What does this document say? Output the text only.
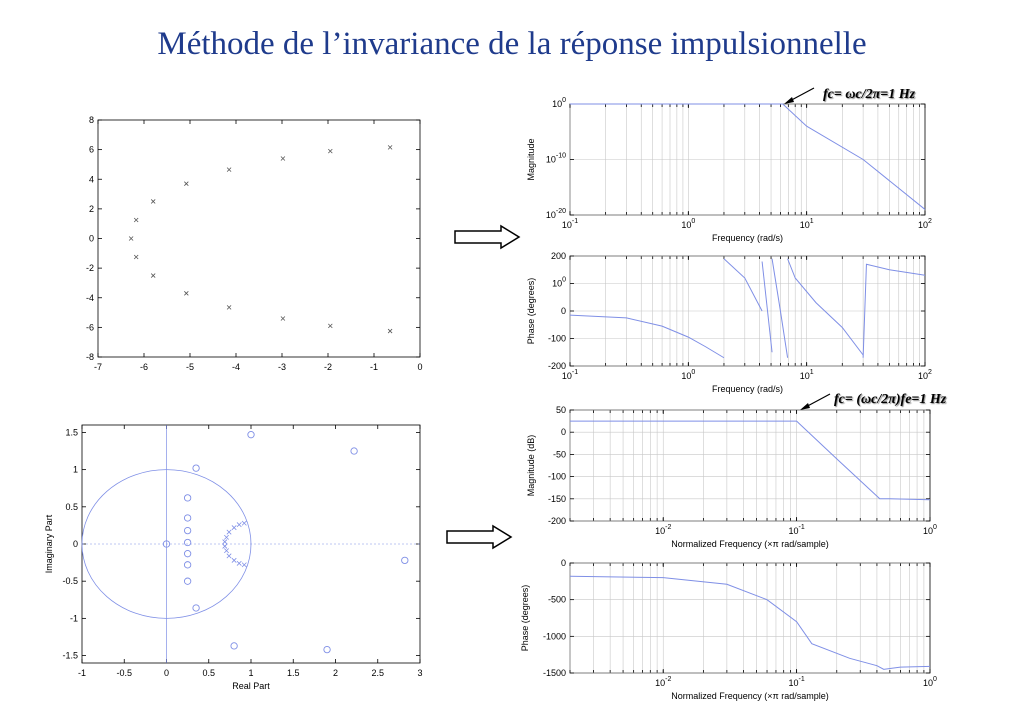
Méthode de l’invariance de la réponse impulsionnelle
-7	-6	-5	-4	-3	-2	-1	0
-8
-6
-4
-2
0
2
4
6
8
-1	-0.5	0	0.5	1	1.5	2	2.5	3
-1.5
-1
-0.5
0
0.5
1
1.5
Real Part
Imaginary Part
$10^{-1}$	$10^0$	$10^1$	$10^2$
$10^{-20}$
$10^{-10}$
$10^0$
Frequency (rad/s)
Magnitude
$10^{-1}$	$10^0$	$10^1$	$10^2$
-200
-100
0
$10^0$
200
Frequency (rad/s)
Phase (degrees)
$10^{-2}$	$10^{-1}$	$10^0$
-200
-150
-100
-50
0
50
Normalized Frequency (×π rad/sample)
Magnitude (dB)
$10^{-2}$	$10^{-1}$	$10^0$
-1500
-1000
-500
0
Normalized Frequency (×π rad/sample)
Phase (degrees)
fc= ωc/2π=1 Hz
fc= (ωc/2π)fe=1 Hz
